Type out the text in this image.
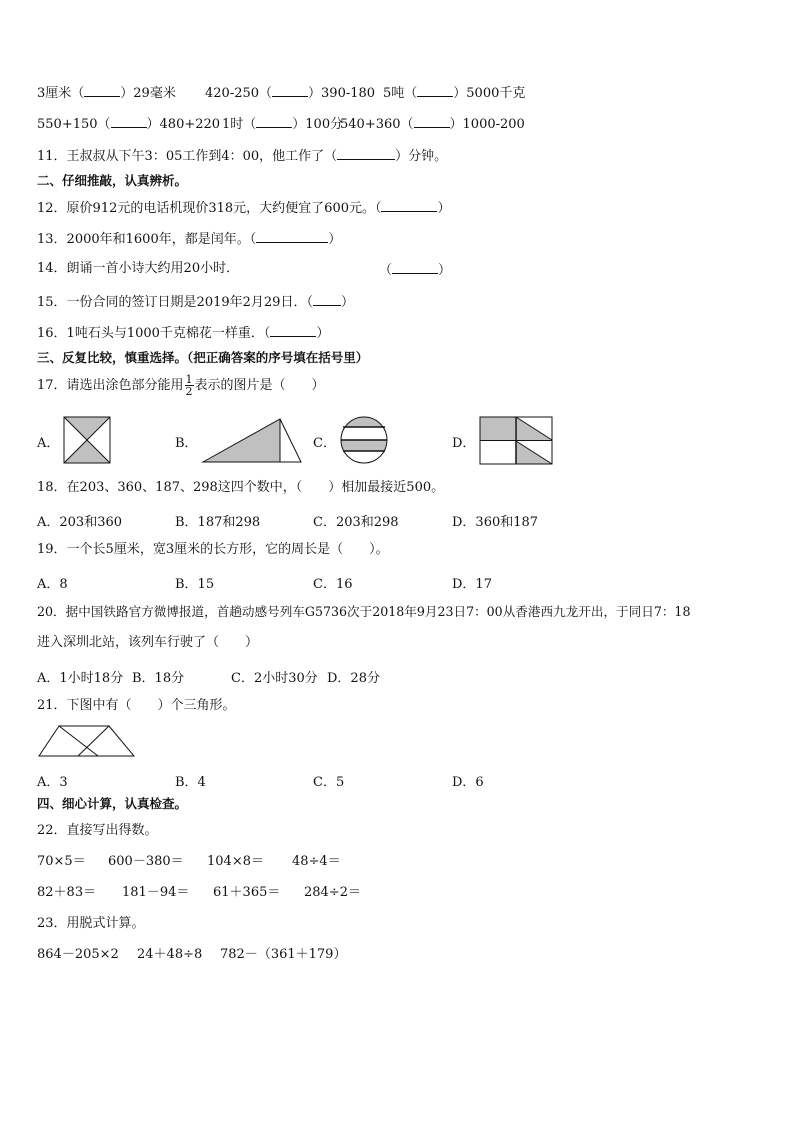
3厘米（	）29毫米 420-250（	）390-180 5吨（	）5000千克
550+150（	）480+220 1时（	）100分
540+360（	）1000-200
11．王叔叔从下午3：05工作到4：00，他工作了（	）分钟。
二、仔细推敲，认真辨析。
12．原价912元的电话机现价318元，大约便宜了600元。（	）
13．2000年和1600年，都是闰年。（	）
14．朗诵一首小诗大约用20小时．	（	）
15．一份合同的签订日期是2019年2月29日．（ ）
16．1吨石头与1000千克棉花一样重．（	）
三、反复比较，慎重选择。（把正确答案的序号填在括号里）
17．请选出涂色部分能用 $\frac{1}{2}$ 表示的图片是（　　）
A．	B．	C．	D．
18．在203、360、187、298这四个数中，（　　）相加最接近500。
A．203和360	B．187和298	C．203和298	D．360和187
19．一个长5厘米，宽3厘米的长方形，它的周长是（　　）。
A．8	B．15	C．16	D．17
20．据中国铁路官方微博报道，首趟动感号列车G5736次于2018年9月23日7：00从香港西九龙开出，于同日7：18
进入深圳北站，该列车行驶了（　　）
A．1小时18分 B．18分	C．2小时30分 D．28分
21．下图中有（　　）个三角形。
A．3	B．4	C．5	D．6
四、细心计算，认真检查。
22．直接写出得数。
70×5＝ 600－380＝ 104×8＝ 48÷4＝
82＋83＝ 181－94＝ 61＋365＝ 284÷2＝
23．用脱式计算。
864－205×2 24＋48÷8 782－（361＋179）
